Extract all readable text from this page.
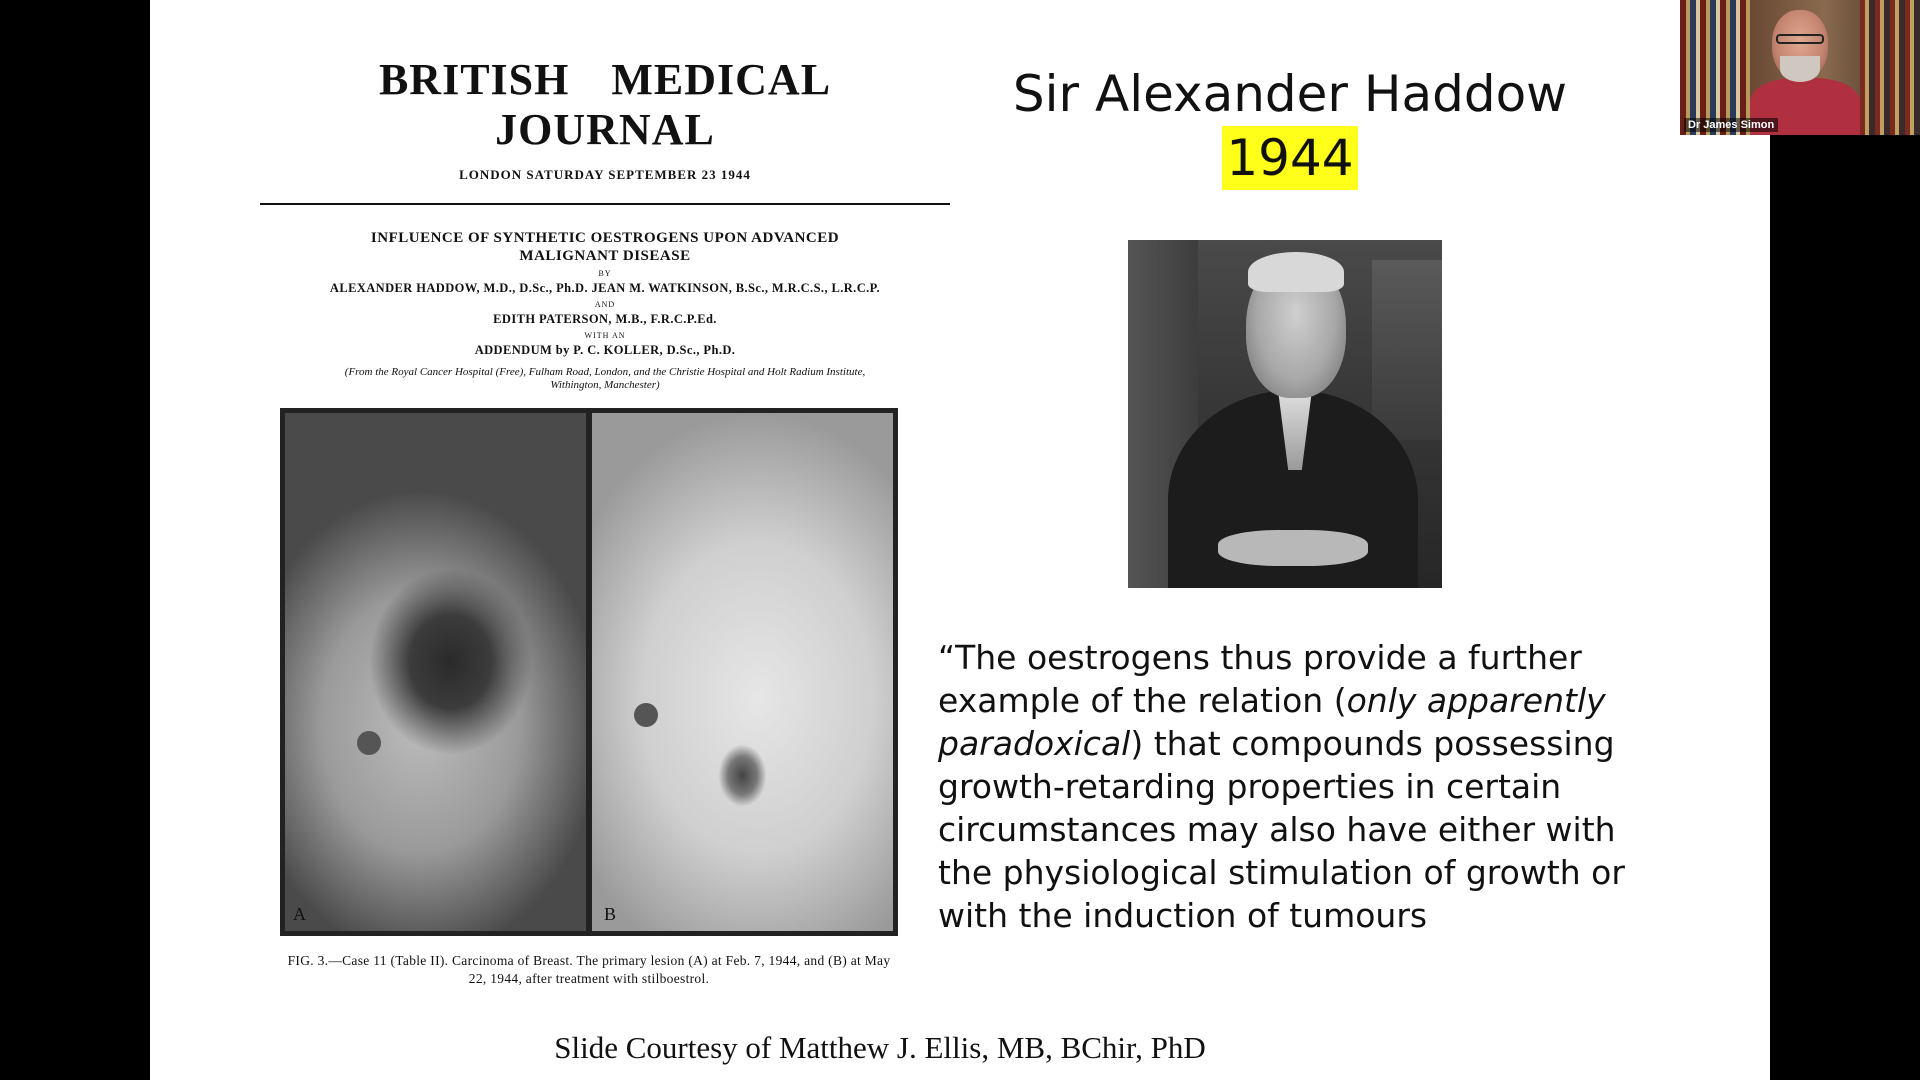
BRITISH MEDICAL JOURNAL
LONDON SATURDAY SEPTEMBER 23 1944
INFLUENCE OF SYNTHETIC OESTROGENS UPON ADVANCED MALIGNANT DISEASE
BY
ALEXANDER HADDOW, M.D., D.Sc., Ph.D. JEAN M. WATKINSON, B.Sc., M.R.C.S., L.R.C.P.
AND
EDITH PATERSON, M.B., F.R.C.P.Ed.
WITH AN
ADDENDUM by P. C. KOLLER, D.Sc., Ph.D.
(From the Royal Cancer Hospital (Free), Fulham Road, London, and the Christie Hospital and Holt Radium Institute, Withington, Manchester)
A	B
FIG. 3.—Case 11 (Table II). Carcinoma of Breast. The primary lesion (A) at Feb. 7, 1944, and (B) at May 22, 1944, after treatment with stilboestrol.
Sir Alexander Haddow
1944
“The oestrogens thus provide a further example of the relation (only apparently paradoxical) that compounds possessing growth-retarding properties in certain circumstances may also have either with the physiological stimulation of growth or with the induction of tumours
Slide Courtesy of Matthew J. Ellis, MB, BChir, PhD
Dr James Simon
